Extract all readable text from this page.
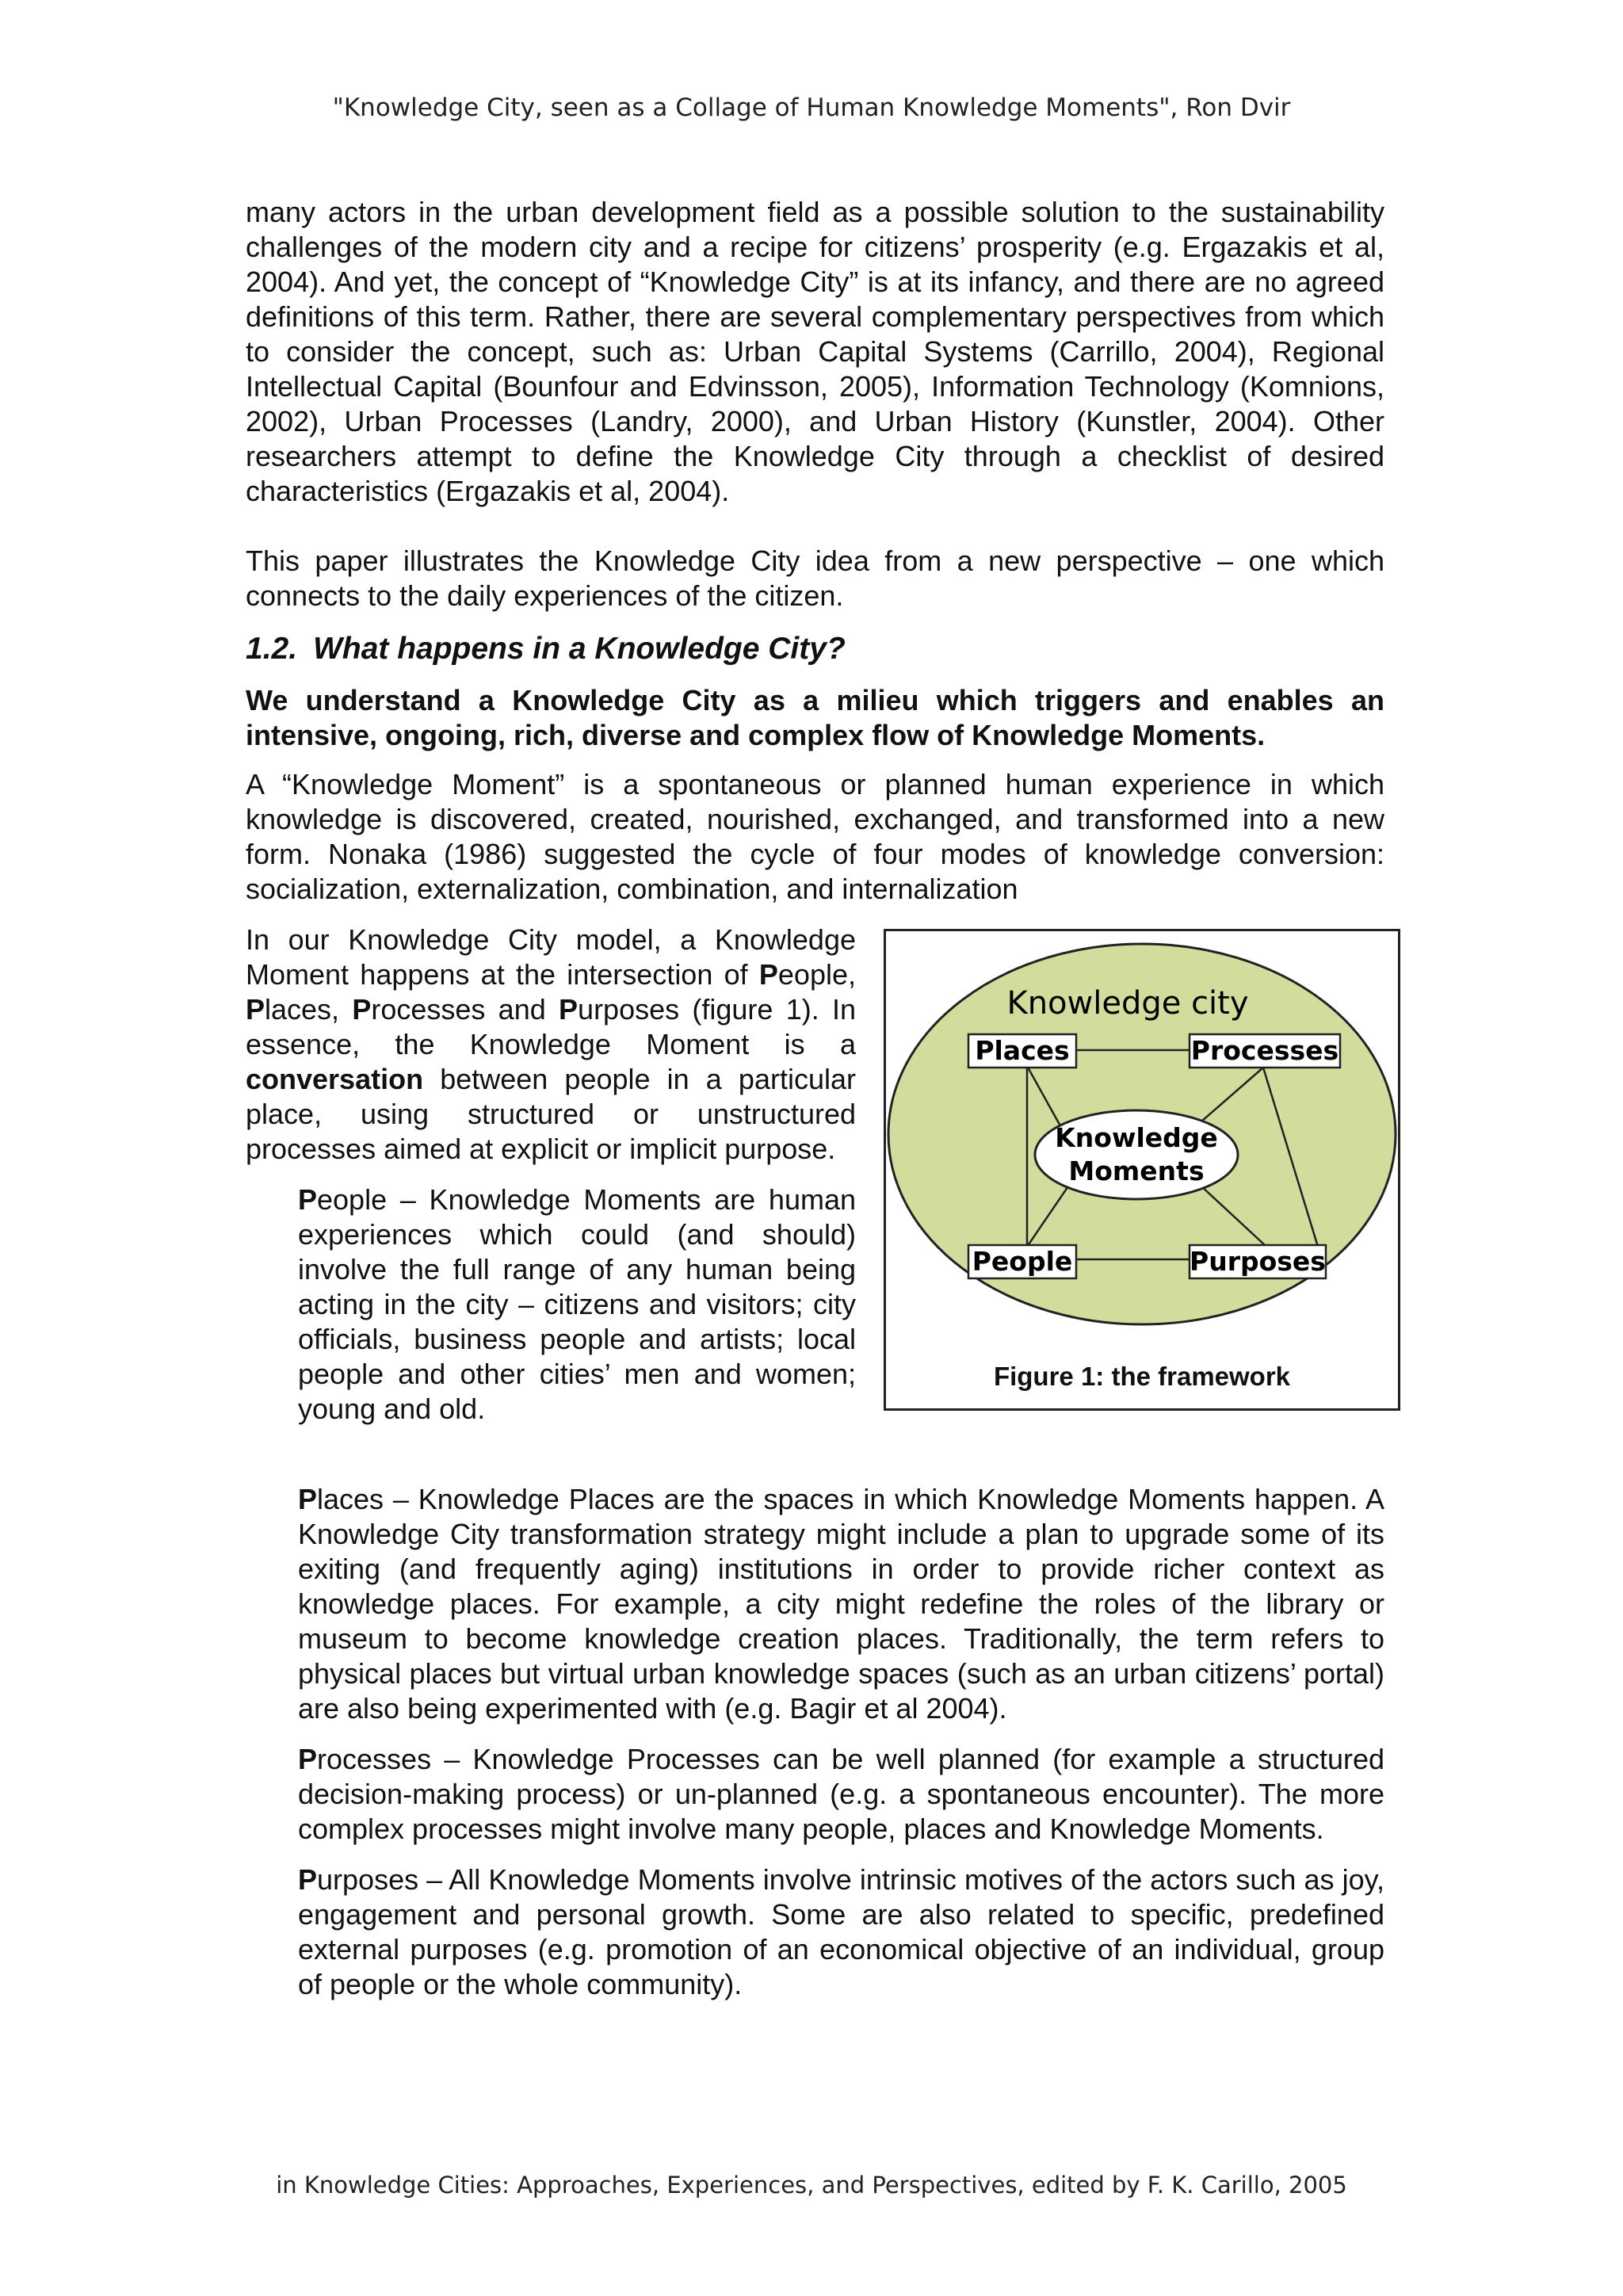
"Knowledge City, seen as a Collage of Human Knowledge Moments", Ron Dvir

many actors in the urban development field as a possible solution to the sustainability challenges of the modern city and a recipe for citizens’ prosperity (e.g. Ergazakis et al, 2004). And yet, the concept of “Knowledge City” is at its infancy, and there are no agreed definitions of this term. Rather, there are several complementary perspectives from which to consider the concept, such as: Urban Capital Systems (Carrillo, 2004), Regional Intellectual Capital (Bounfour and Edvinsson, 2005), Information Technology (Komnions, 2002), Urban Processes (Landry, 2000), and Urban History (Kunstler, 2004). Other researchers attempt to define the Knowledge City through a checklist of desired characteristics (Ergazakis et al, 2004).

This paper illustrates the Knowledge City idea from a new perspective – one which connects to the daily experiences of the citizen.

1.2. What happens in a Knowledge City?

We understand a Knowledge City as a milieu which triggers and enables an intensive, ongoing, rich, diverse and complex flow of Knowledge Moments.

A “Knowledge Moment” is a spontaneous or planned human experience in which knowledge is discovered, created, nourished, exchanged, and transformed into a new form. Nonaka (1986) suggested the cycle of four modes of knowledge conversion: socialization, externalization, combination, and internalization

In our Knowledge City model, a Knowledge Moment happens at the intersection of People, Places, Processes and Purposes (figure 1). In essence, the Knowledge Moment is a conversation between people in a particular place, using structured or unstructured processes aimed at explicit or implicit purpose.

People – Knowledge Moments are human experiences which could (and should) involve the full range of any human being acting in the city – citizens and visitors; city officials, business people and artists; local people and other cities’ men and women; young and old.

Knowledge
Moments
Knowledge city
Places	Processes
People	Purposes
Figure 1: the framework

Places – Knowledge Places are the spaces in which Knowledge Moments happen. A Knowledge City transformation strategy might include a plan to upgrade some of its exiting (and frequently aging) institutions in order to provide richer context as knowledge places. For example, a city might redefine the roles of the library or museum to become knowledge creation places. Traditionally, the term refers to physical places but virtual urban knowledge spaces (such as an urban citizens’ portal) are also being experimented with (e.g. Bagir et al 2004).

Processes – Knowledge Processes can be well planned (for example a structured decision-making process) or un-planned (e.g. a spontaneous encounter). The more complex processes might involve many people, places and Knowledge Moments.

Purposes – All Knowledge Moments involve intrinsic motives of the actors such as joy, engagement and personal growth. Some are also related to specific, predefined external purposes (e.g. promotion of an economical objective of an individual, group of people or the whole community).

in Knowledge Cities: Approaches, Experiences, and Perspectives, edited by F. K. Carillo, 2005
